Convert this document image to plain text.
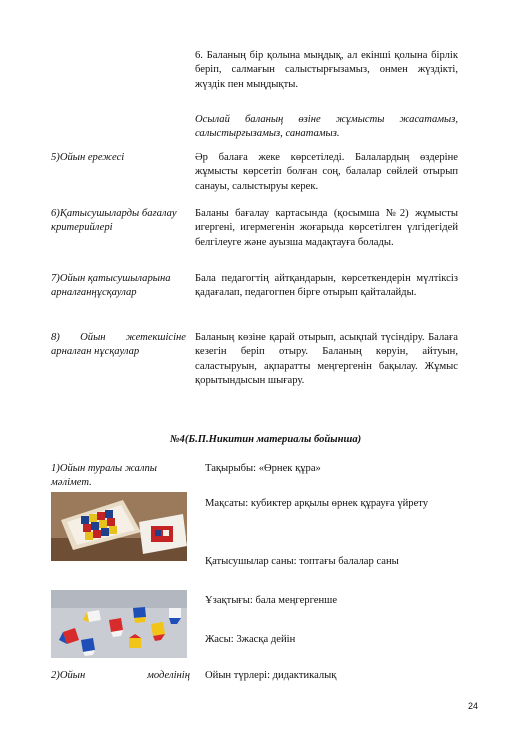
6. Баланың бір қолына мыңдық, ал екінші қолына бірлік беріп, салмағын салыстырғызамыз, онмен жүздікті, жүздік пен мыңдықты.

Осылай баланың өзіне жұмысты жасатамыз, салыстырғызамыз, санатамыз.

5)Ойын ережесі	Әр балаға жеке көрсетіледі. Балалардың өздеріне жұмысты көрсетіп болған соң, балалар сөйлей отырып санауы, салыстыруы керек.

6)Қатысушыларды бағалау критерийлері

Баланы бағалау картасында (қосымша №2) жұмысты игергені, игермегенін жоғарыда көрсетілген үлгідегідей белгілеуге және ауызша мадақтауға болады.

7)Ойын қатысушыларына арналғанңұсқаулар

Бала педагогтің айтқандарын, көрсеткендерін мүлтіксіз қадағалап, педагогпен бірге отырып қайталайды.

8) Ойын жетекшісіне арналған нұсқаулар

Баланың көзіне қарай отырып, асықпай түсіндіру. Балаға кезегін беріп отыру. Баланың көруін, айтуын, саластыруын, ақпаратты меңгергенін бақылау. Жұмыс қорытындысын шығару.

№4(Б.П.Никитин материалы бойынша)

1)Ойын туралы жалпы мәлімет.

Тақырыбы: «Өрнек құра»

Мақсаты: кубиктер арқылы өрнек құрауға үйрету

Қатысушылар саны: топтағы балалар саны

Ұзақтығы: бала меңгергенше

Жасы: 3жасқа дейін

2)Ойын	моделінің Ойын түрлері: дидактикалық

24
